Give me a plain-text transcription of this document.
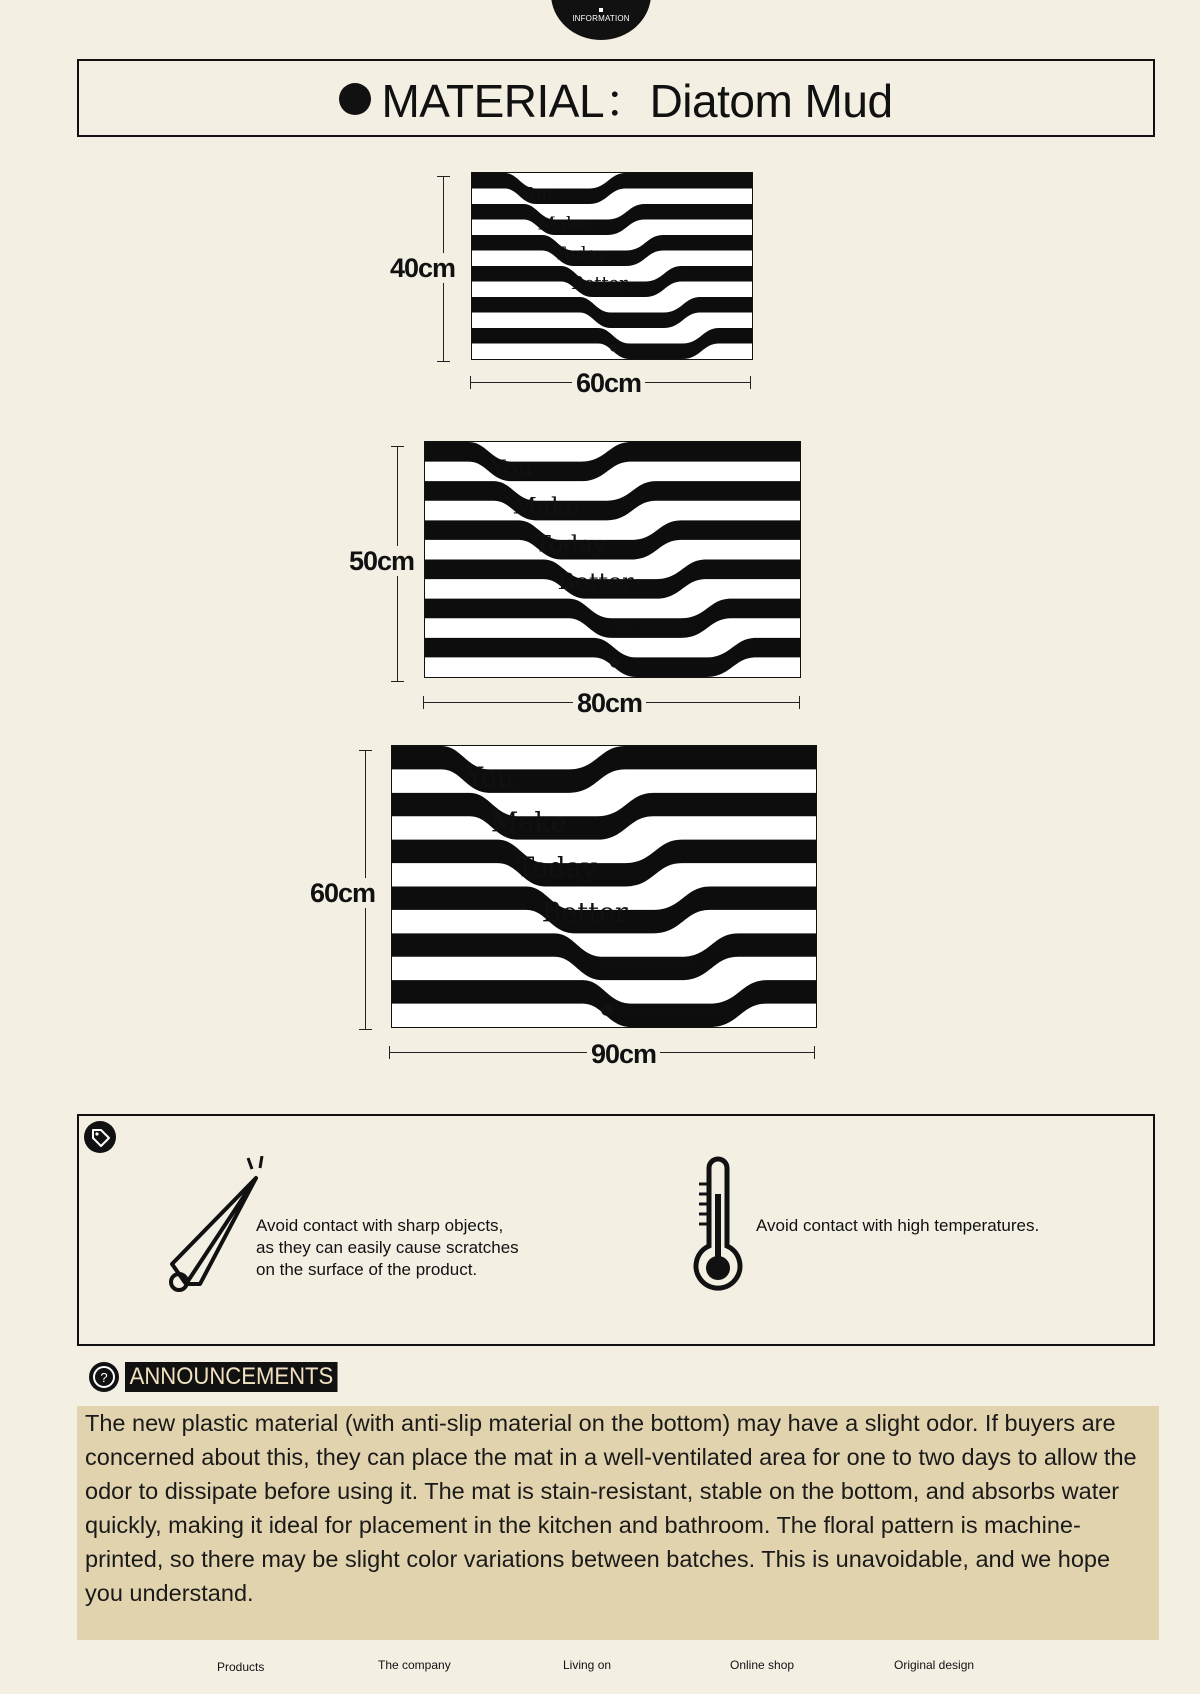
INFORMATION
MATERIAL：Diatom Mud
You
Make
Today
Better
CHOOSE YOUR FAVORITE LIFE
NOTHING MORE THAN BEING YOURSELF
40cm
60cm
You
Make
Today
Better
CHOOSE YOUR FAVORITE LIFE
NOTHING MORE THAN BEING YOURSELF
50cm
80cm
You
Make
Today
Better
CHOOSE YOUR FAVORITE LIFE
NOTHING MORE THAN BEING YOURSELF
60cm
90cm
Avoid contact with sharp objects,
as they can easily cause scratches
on the surface of the product.
Avoid contact with high temperatures.
? ANNOUNCEMENTS
The new plastic material (with anti-slip material on the bottom) may have a slight odor. If buyers are concerned about this, they can place the mat in a well-ventilated area for one to two days to allow the odor to dissipate before using it. The mat is stain-resistant, stable on the bottom, and absorbs water quickly, making it ideal for placement in the kitchen and bathroom. The floral pattern is machine-printed, so there may be slight color variations between batches. This is unavoidable, and we hope you understand.
Products	The company	Living on	Online shop	Original design
